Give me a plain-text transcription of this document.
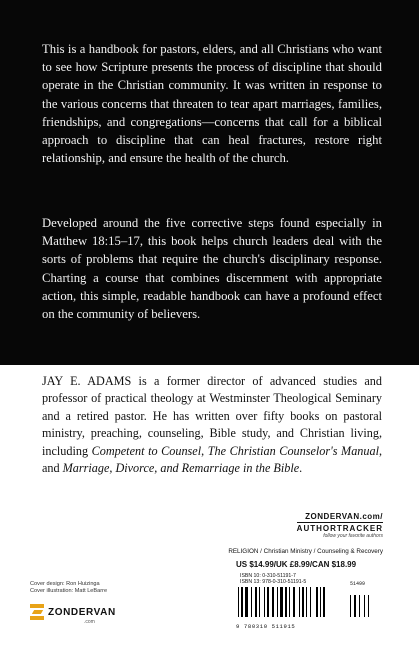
This is a handbook for pastors, elders, and all Christians who want to see how Scripture presents the process of discipline that should operate in the Christian community. It was written in response to the various concerns that threaten to tear apart marriages, families, friendships, and congregations—concerns that call for a biblical approach to discipline that can heal fractures, restore right relationship, and ensure the health of the church.

Developed around the five corrective steps found especially in Matthew 18:15–17, this book helps church leaders deal with the sorts of problems that require the church's disciplinary response. Charting a course that combines discernment with appropriate action, this simple, readable handbook can have a profound effect on the community of believers.

JAY E. ADAMS is a former director of advanced studies and professor of practical theology at Westminster Theological Seminary and a retired pastor. He has written over fifty books on pastoral ministry, preaching, counseling, Bible study, and Christian living, including Competent to Counsel, The Christian Counselor's Manual, and Marriage, Divorce, and Remarriage in the Bible.
ZONDERVAN.com/
AUTHORTRACKER
follow your favorite authors
RELIGION / Christian Ministry / Counseling & Recovery
US $14.99/UK £8.99/CAN $18.99
ISBN 10: 0-310-51191-7
ISBN 13: 978-0-310-51191-5	51499
9 780310 511915
Cover design: Ron Huizinga
Cover illustration: Matt LeBarre
ZONDERVAN
.com
